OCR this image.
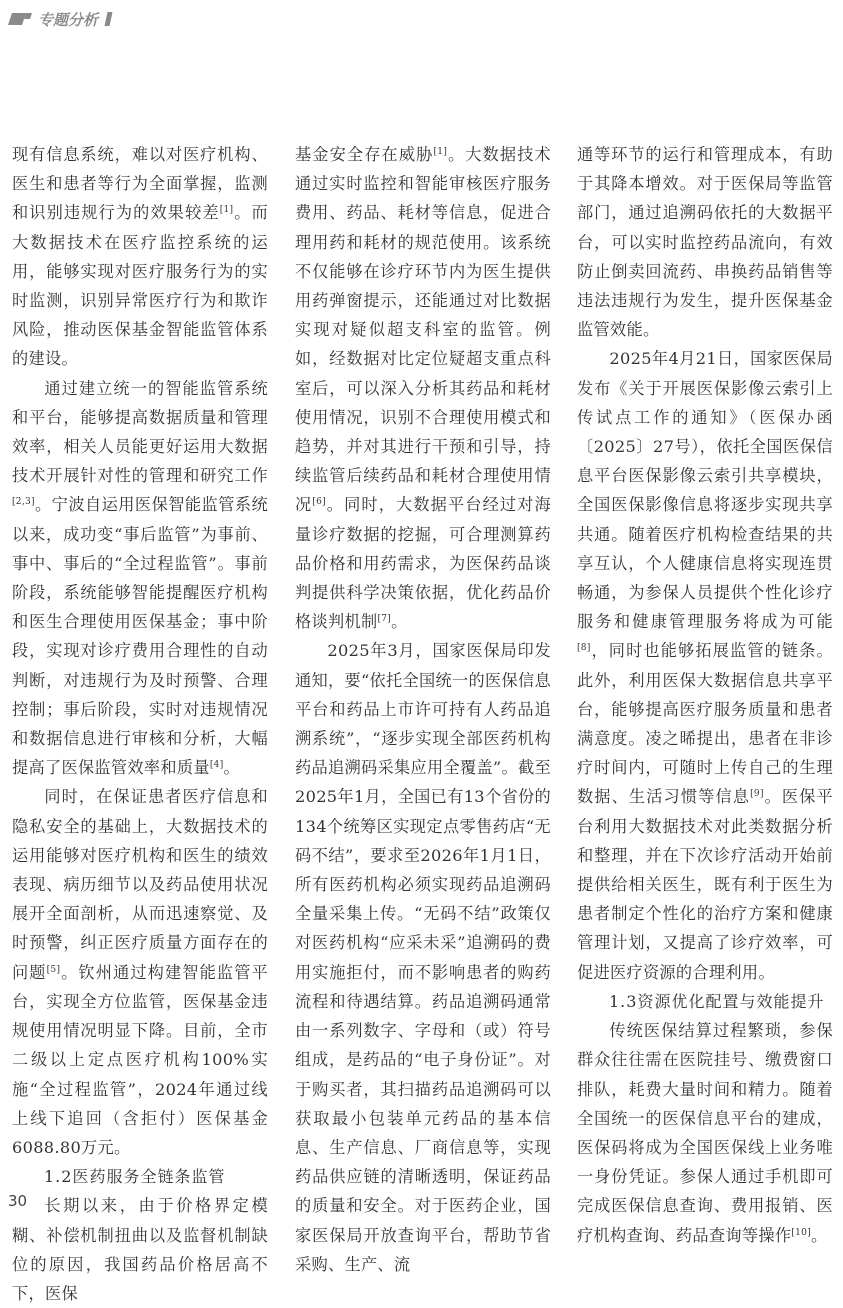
专题分析

现有信息系统，难以对医疗机构、医生和患者等行为全面掌握，监测和识别违规行为的效果较差[1]。而大数据技术在医疗监控系统的运用，能够实现对医疗服务行为的实时监测，识别异常医疗行为和欺诈风险，推动医保基金智能监管体系的建设。

通过建立统一的智能监管系统和平台，能够提高数据质量和管理效率，相关人员能更好运用大数据技术开展针对性的管理和研究工作[2,3]。宁波自运用医保智能监管系统以来，成功变“事后监管”为事前、事中、事后的“全过程监管”。事前阶段，系统能够智能提醒医疗机构和医生合理使用医保基金；事中阶段，实现对诊疗费用合理性的自动判断，对违规行为及时预警、合理控制；事后阶段，实时对违规情况和数据信息进行审核和分析，大幅提高了医保监管效率和质量[4]。

同时，在保证患者医疗信息和隐私安全的基础上，大数据技术的运用能够对医疗机构和医生的绩效表现、病历细节以及药品使用状况展开全面剖析，从而迅速察觉、及时预警，纠正医疗质量方面存在的问题[5]。钦州通过构建智能监管平台，实现全方位监管，医保基金违规使用情况明显下降。目前，全市二级以上定点医疗机构100%实施“全过程监管”，2024年通过线上线下追回（含拒付）医保基金6088.80万元。

1.2医药服务全链条监管

长期以来，由于价格界定模糊、补偿机制扭曲以及监督机制缺位的原因，我国药品价格居高不下，医保

基金安全存在威胁[1]。大数据技术通过实时监控和智能审核医疗服务费用、药品、耗材等信息，促进合理用药和耗材的规范使用。该系统不仅能够在诊疗环节内为医生提供用药弹窗提示，还能通过对比数据实现对疑似超支科室的监管。例如，经数据对比定位疑超支重点科室后，可以深入分析其药品和耗材使用情况，识别不合理使用模式和趋势，并对其进行干预和引导，持续监管后续药品和耗材合理使用情况[6]。同时，大数据平台经过对海量诊疗数据的挖掘，可合理测算药品价格和用药需求，为医保药品谈判提供科学决策依据，优化药品价格谈判机制[7]。

2025年3月，国家医保局印发通知，要“依托全国统一的医保信息平台和药品上市许可持有人药品追溯系统”，“逐步实现全部医药机构药品追溯码采集应用全覆盖”。截至2025年1月，全国已有13个省份的134个统筹区实现定点零售药店“无码不结”，要求至2026年1月1日，所有医药机构必须实现药品追溯码全量采集上传。“无码不结”政策仅对医药机构“应采未采”追溯码的费用实施拒付，而不影响患者的购药流程和待遇结算。药品追溯码通常由一系列数字、字母和（或）符号组成，是药品的“电子身份证”。对于购买者，其扫描药品追溯码可以获取最小包装单元药品的基本信息、生产信息、厂商信息等，实现药品供应链的清晰透明，保证药品的质量和安全。对于医药企业，国家医保局开放查询平台，帮助节省采购、生产、流

通等环节的运行和管理成本，有助于其降本增效。对于医保局等监管部门，通过追溯码依托的大数据平台，可以实时监控药品流向，有效防止倒卖回流药、串换药品销售等违法违规行为发生，提升医保基金监管效能。

2025年4月21日，国家医保局发布《关于开展医保影像云索引上传试点工作的通知》（医保办函〔2025〕27号），依托全国医保信息平台医保影像云索引共享模块，全国医保影像信息将逐步实现共享共通。随着医疗机构检查结果的共享互认，个人健康信息将实现连贯畅通，为参保人员提供个性化诊疗服务和健康管理服务将成为可能[8]，同时也能够拓展监管的链条。此外，利用医保大数据信息共享平台，能够提高医疗服务质量和患者满意度。凌之晞提出，患者在非诊疗时间内，可随时上传自己的生理数据、生活习惯等信息[9]。医保平台利用大数据技术对此类数据分析和整理，并在下次诊疗活动开始前提供给相关医生，既有利于医生为患者制定个性化的治疗方案和健康管理计划，又提高了诊疗效率，可促进医疗资源的合理利用。

1.3资源优化配置与效能提升

传统医保结算过程繁琐，参保群众往往需在医院挂号、缴费窗口排队，耗费大量时间和精力。随着全国统一的医保信息平台的建成，医保码将成为全国医保线上业务唯一身份凭证。参保人通过手机即可完成医保信息查询、费用报销、医疗机构查询、药品查询等操作[10]。

30
